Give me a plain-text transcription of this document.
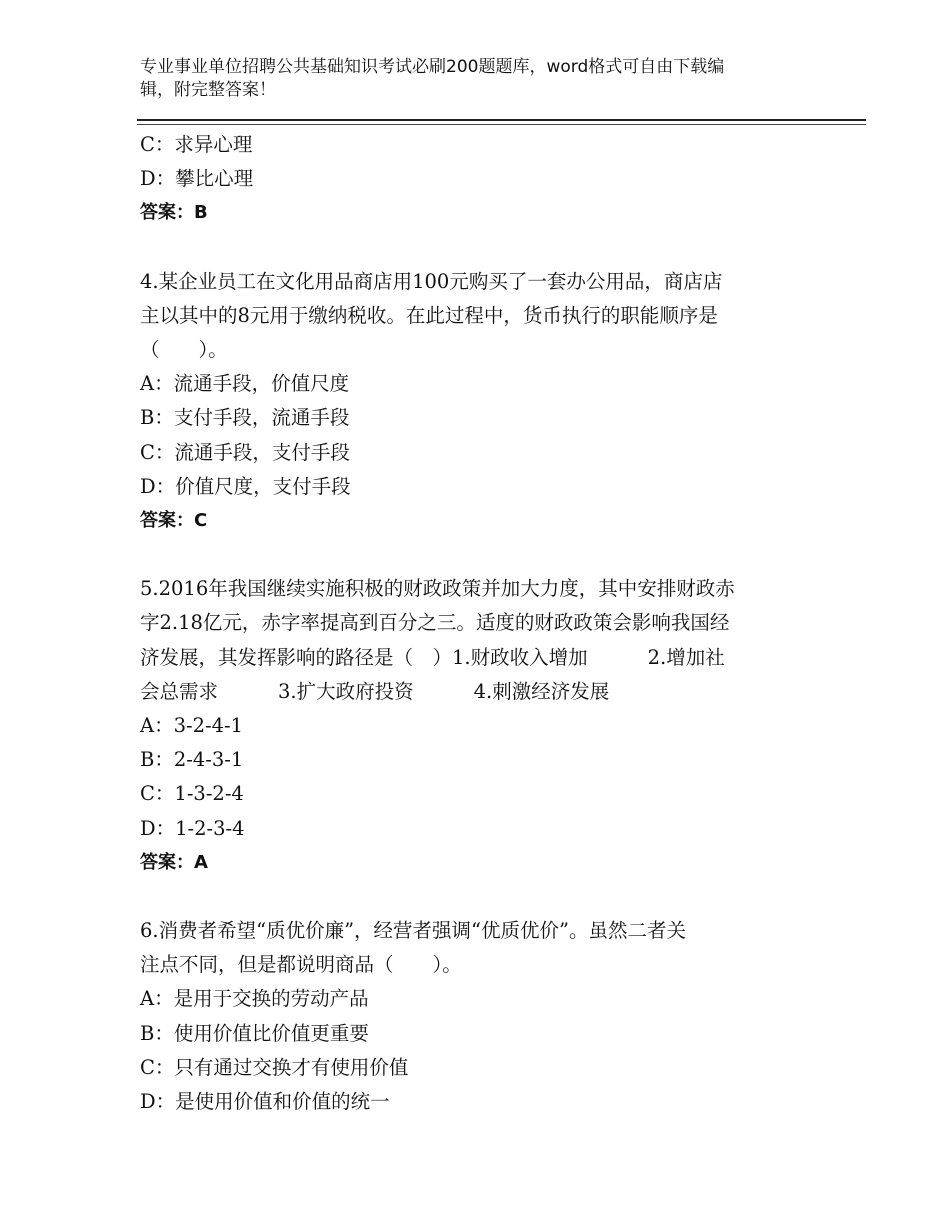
专业事业单位招聘公共基础知识考试必刷200题题库，word格式可自由下载编
辑，附完整答案！
C：求异心理
D：攀比心理
答案：B
4.某企业员工在文化用品商店用100元购买了一套办公用品，商店店
主以其中的8元用于缴纳税收。在此过程中，货币执行的职能顺序是
（　　）。
A：流通手段，价值尺度
B：支付手段，流通手段
C：流通手段，支付手段
D：价值尺度，支付手段
答案：C
5.2016年我国继续实施积极的财政政策并加大力度，其中安排财政赤
字2.18亿元，赤字率提高到百分之三。适度的财政政策会影响我国经
济发展，其发挥影响的路径是（　）1.财政收入增加	2.增加社
会总需求	3.扩大政府投资	4.刺激经济发展
A：3-2-4-1
B：2-4-3-1
C：1-3-2-4
D：1-2-3-4
答案：A
6.消费者希望“质优价廉”，经营者强调“优质优价”。虽然二者关
注点不同，但是都说明商品（　　）。
A：是用于交换的劳动产品
B：使用价值比价值更重要
C：只有通过交换才有使用价值
D：是使用价值和价值的统一
